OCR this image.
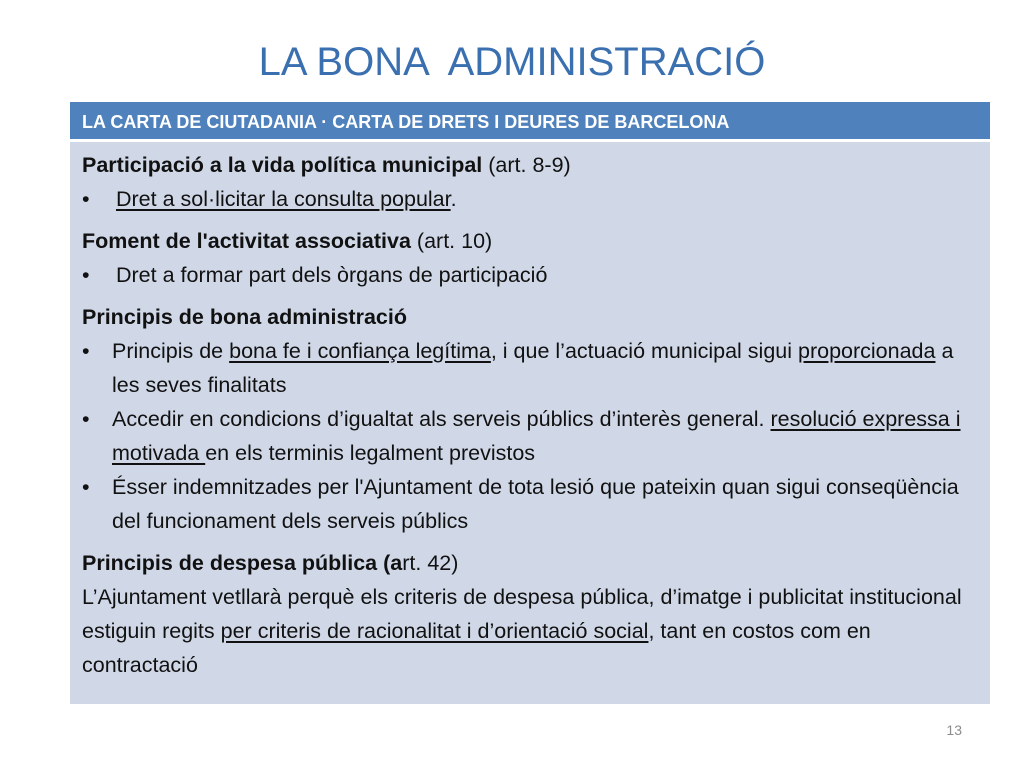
LA BONA  ADMINISTRACIÓ
LA CARTA DE CIUTADANIA · CARTA DE DRETS I DEURES DE BARCELONA
Participació a la vida política municipal (art. 8-9)
•	Dret a sol·licitar la consulta popular.
Foment de l'activitat associativa (art. 10)
•	Dret a formar part dels òrgans de participació
Principis de bona administració
•	Principis de bona fe i confiança legítima, i que l’actuació municipal sigui proporcionada a les seves finalitats
•	Accedir en condicions d’igualtat als serveis públics d’interès general. resolució expressa i motivada en els terminis legalment previstos
•	Ésser indemnitzades per l'Ajuntament de tota lesió que pateixin quan sigui conseqüència del funcionament dels serveis públics
Principis de despesa pública (art. 42)
L’Ajuntament vetllarà perquè els criteris de despesa pública, d’imatge i publicitat institucional estiguin regits per criteris de racionalitat i d’orientació social, tant en costos com en contractació
13
